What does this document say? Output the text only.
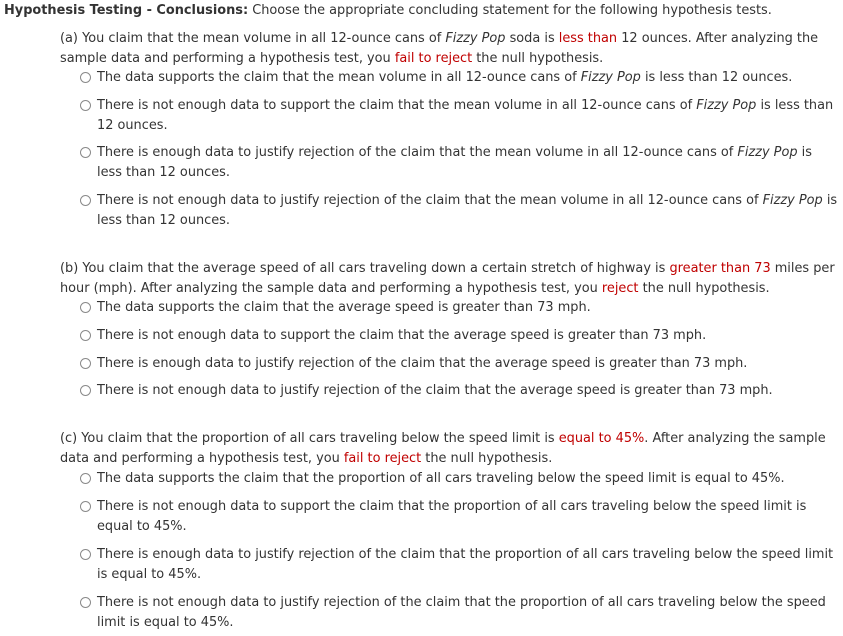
Hypothesis Testing - Conclusions: Choose the appropriate concluding statement for the following hypothesis tests.
(a) You claim that the mean volume in all 12-ounce cans of Fizzy Pop soda is less than 12 ounces. After analyzing the sample data and performing a hypothesis test, you fail to reject the null hypothesis.
The data supports the claim that the mean volume in all 12-ounce cans of Fizzy Pop is less than 12 ounces.
There is not enough data to support the claim that the mean volume in all 12-ounce cans of Fizzy Pop is less than 12 ounces.
There is enough data to justify rejection of the claim that the mean volume in all 12-ounce cans of Fizzy Pop is less than 12 ounces.
There is not enough data to justify rejection of the claim that the mean volume in all 12-ounce cans of Fizzy Pop is less than 12 ounces.
(b) You claim that the average speed of all cars traveling down a certain stretch of highway is greater than 73 miles per hour (mph). After analyzing the sample data and performing a hypothesis test, you reject the null hypothesis.
The data supports the claim that the average speed is greater than 73 mph.
There is not enough data to support the claim that the average speed is greater than 73 mph.
There is enough data to justify rejection of the claim that the average speed is greater than 73 mph.
There is not enough data to justify rejection of the claim that the average speed is greater than 73 mph.
(c) You claim that the proportion of all cars traveling below the speed limit is equal to 45%. After analyzing the sample data and performing a hypothesis test, you fail to reject the null hypothesis.
The data supports the claim that the proportion of all cars traveling below the speed limit is equal to 45%.
There is not enough data to support the claim that the proportion of all cars traveling below the speed limit is equal to 45%.
There is enough data to justify rejection of the claim that the proportion of all cars traveling below the speed limit is equal to 45%.
There is not enough data to justify rejection of the claim that the proportion of all cars traveling below the speed limit is equal to 45%.
